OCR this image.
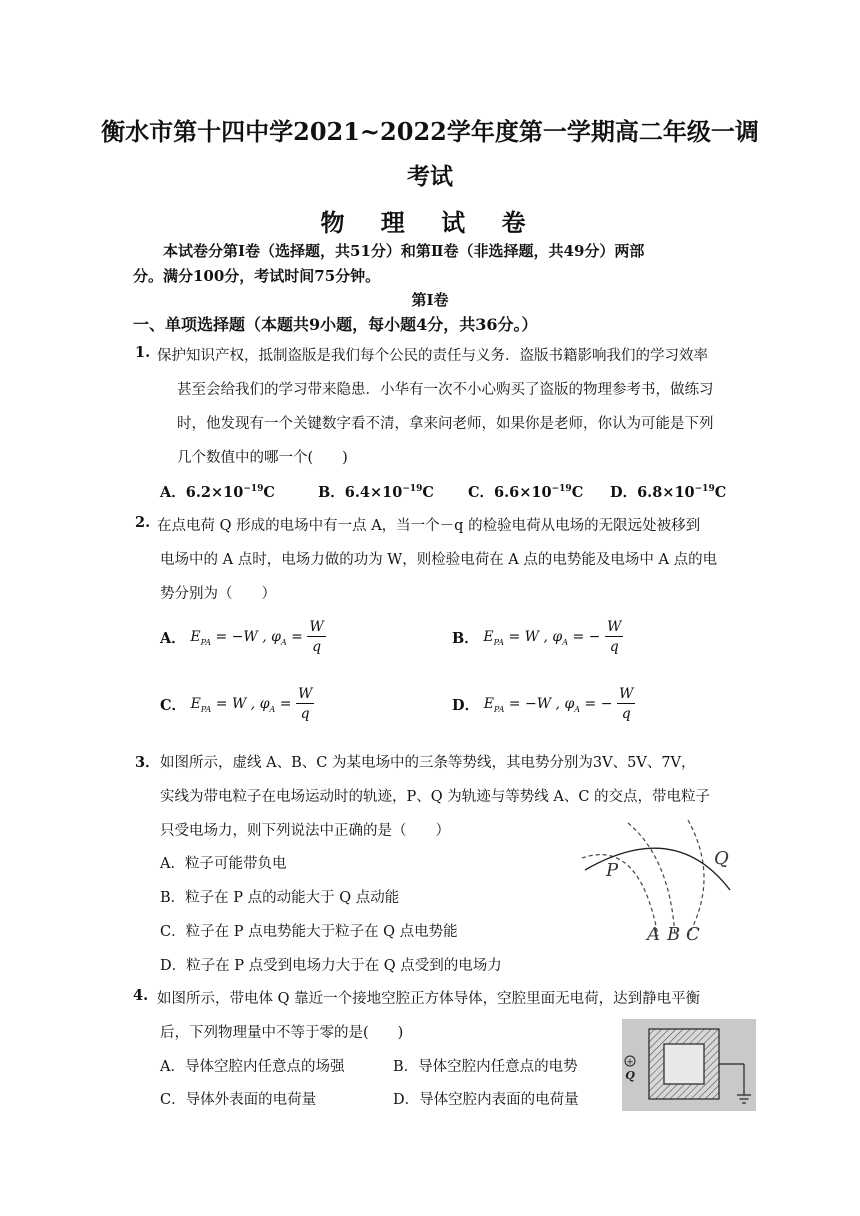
衡水市第十四中学2021~2022学年度第一学期高二年级一调
考试
物 理 试 卷
本试卷分第Ⅰ卷（选择题，共51分）和第Ⅱ卷（非选择题，共49分）两部
分。满分100分，考试时间75分钟。
第Ⅰ卷
一、单项选择题（本题共9小题，每小题4分，共36分。）
1. 保护知识产权，抵制盗版是我们每个公民的责任与义务．盗版书籍影响我们的学习效率
甚至会给我们的学习带来隐患．小华有一次不小心购买了盗版的物理参考书，做练习
时，他发现有一个关键数字看不清，拿来问老师，如果你是老师，你认为可能是下列
几个数值中的哪一个(　　)
A．$6.2\times 10^{-19}C$	B．$6.4\times 10^{-19}C$ C．$6.6\times 10^{-19}C$ D．$6.8\times 10^{-19}C$
2. 在点电荷 Q 形成的电场中有一点 A，当一个－q 的检验电荷从电场的无限远处被移到
电场中的 A 点时，电场力做的功为 W，则检验电荷在 A 点的电势能及电场中 A 点的电
势分别为（　　）
A． $E_{PA} = -W$ , $\varphi_A = \frac{W}{q}$	B． $E_{PA} = W$ , $\varphi_A$ = − $\frac{W}{q}$
C． $E_{PA} = W$ , $\varphi_A = \frac{W}{q}$	D． $E_{PA} = -W$ , $\varphi_A$ = − $\frac{W}{q}$
3． 如图所示，虚线 A、B、C 为某电场中的三条等势线，其电势分别为3V、5V、7V，
实线为带电粒子在电场运动时的轨迹，P、Q 为轨迹与等势线 A、C 的交点，带电粒子
只受电场力，则下列说法中正确的是（　　）
A．粒子可能带负电
B．粒子在 P 点的动能大于 Q 点动能
C．粒子在 P 点电势能大于粒子在 Q 点电势能
D．粒子在 P 点受到电场力大于在 Q 点受到的电场力
P
Q
A B C
4. 如图所示，带电体 Q 靠近一个接地空腔正方体导体，空腔里面无电荷，达到静电平衡
后，下列物理量中不等于零的是(　　)
A．导体空腔内任意点的场强	B．导体空腔内任意点的电势
C．导体外表面的电荷量	D．导体空腔内表面的电荷量
+
Q
